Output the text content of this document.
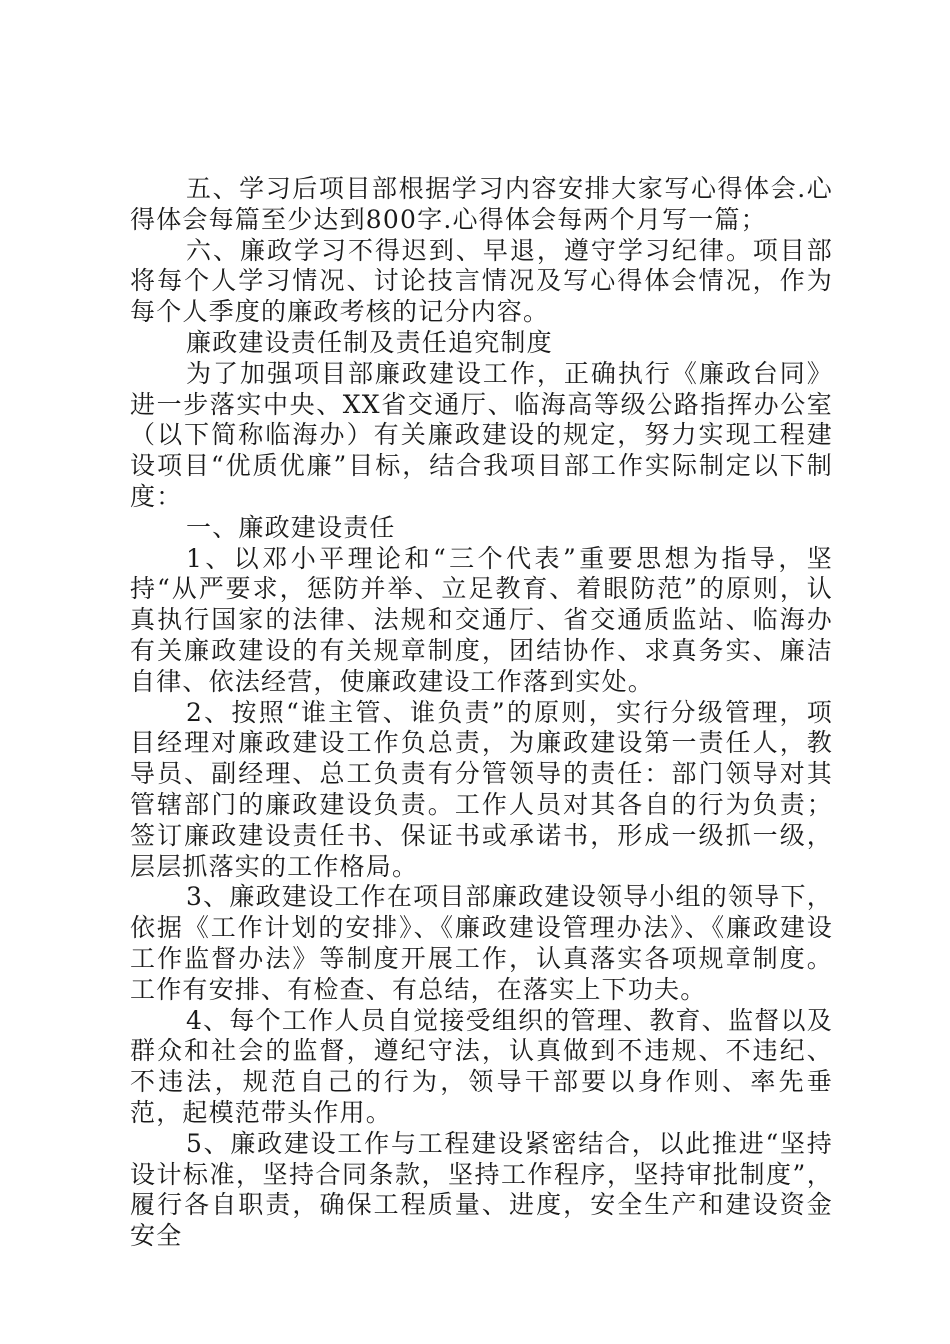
五、学习后项目部根据学习内容安排大家写心得体会.心得体会每篇至少达到800字.心得体会每两个月写一篇；

六、廉政学习不得迟到、早退，遵守学习纪律。项目部将每个人学习情况、讨论技言情况及写心得体会情况，作为每个人季度的廉政考核的记分内容。

廉政建设责任制及责任追究制度

为了加强项目部廉政建设工作，正确执行《廉政台同》进一步落实中央、XX省交通厅、临海高等级公路指挥办公室（以下简称临海办）有关廉政建设的规定，努力实现工程建设项目“优质优廉”目标，结合我项目部工作实际制定以下制度：

一、廉政建设责任

1、以邓小平理论和“三个代表”重要思想为指导，坚持“从严要求，惩防并举、立足教育、着眼防范”的原则，认真执行国家的法律、法规和交通厅、省交通质监站、临海办有关廉政建设的有关规章制度，团结协作、求真务实、廉洁自律、依法经营，使廉政建设工作落到实处。

2、按照“谁主管、谁负责”的原则，实行分级管理，项目经理对廉政建设工作负总责，为廉政建设第一责任人，教导员、副经理、总工负责有分管领导的责任：部门领导对其管辖部门的廉政建设负责。工作人员对其各自的行为负责；签订廉政建设责任书、保证书或承诺书，形成一级抓一级，层层抓落实的工作格局。

3、廉政建设工作在项目部廉政建设领导小组的领导下，依据《工作计划的安排》、《廉政建设管理办法》、《廉政建设工作监督办法》等制度开展工作，认真落实各项规章制度。工作有安排、有检查、有总结，在落实上下功夫。

4、每个工作人员自觉接受组织的管理、教育、监督以及群众和社会的监督，遵纪守法，认真做到不违规、不违纪、不违法，规范自己的行为，领导干部要以身作则、率先垂范，起模范带头作用。

5、廉政建设工作与工程建设紧密结合，以此推进“坚持设计标准，坚持合同条款，坚持工作程序，坚持审批制度”，履行各自职责，确保工程质量、进度，安全生产和建设资金安全
